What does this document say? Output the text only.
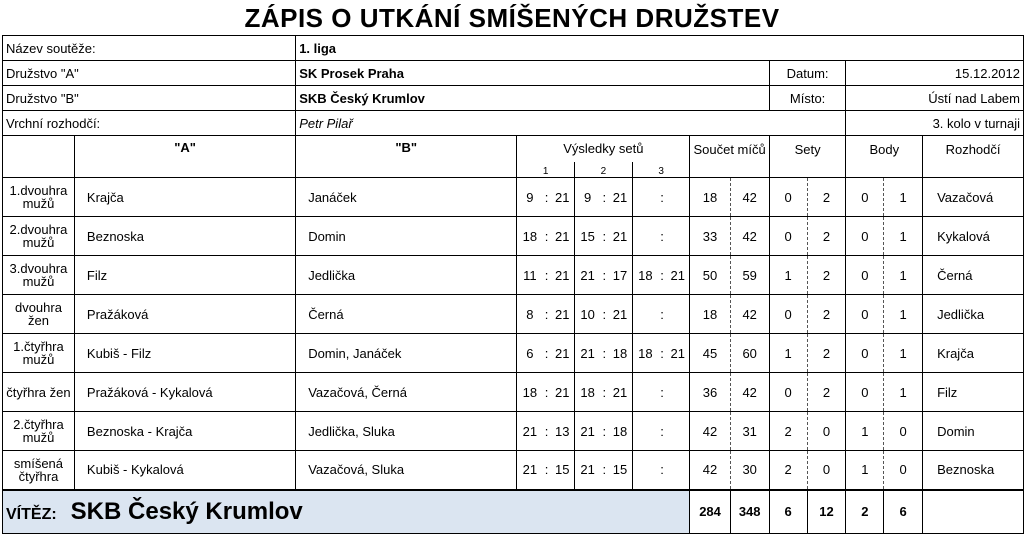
ZÁPIS O UTKÁNÍ SMÍŠENÝCH DRUŽSTEV
Název soutěže:		1. liga																
Družstvo "A"		SK Prosek Praha												Datum:		15.12.2012		
Družstvo "B"		SKB Český Krumlov												Místo:		Ústí nad Labem		
Vrchní rozhodčí:		Petr Pilař														3. kolo v turnaji		
	"A"	"B"	Výsledky setů									Součet míčů		Sety		Body		Rozhodčí
			1			2			3									
1.dvouhra mužů	Krajča	Janáček	9	:	21	9	:	21		:		18	42	0	2	0	1	Vazačová
2.dvouhra mužů	Beznoska	Domin	18	:	21	15	:	21		:		33	42	0	2	0	1	Kykalová
3.dvouhra mužů	Filz	Jedlička	11	:	21	21	:	17	18	:	21	50	59	1	2	0	1	Černá
dvouhra žen	Pražáková	Černá	8	:	21	10	:	21		:		18	42	0	2	0	1	Jedlička
1.čtyřhra mužů	Kubiš - Filz	Domin, Janáček	6	:	21	21	:	18	18	:	21	45	60	1	2	0	1	Krajča
čtyřhra žen	Pražáková - Kykalová	Vazačová, Černá	18	:	21	18	:	21		:		36	42	0	2	0	1	Filz
2.čtyřhra mužů	Beznoska - Krajča	Jedlička, Sluka	21	:	13	21	:	18		:		42	31	2	0	1	0	Domin
smíšená čtyřhra	Kubiš - Kykalová	Vazačová, Sluka	21	:	15	21	:	15		:		42	30	2	0	1	0	Beznoska
VÍTĚZ: SKB Český Krumlov												284	348	6	12	2	6	
